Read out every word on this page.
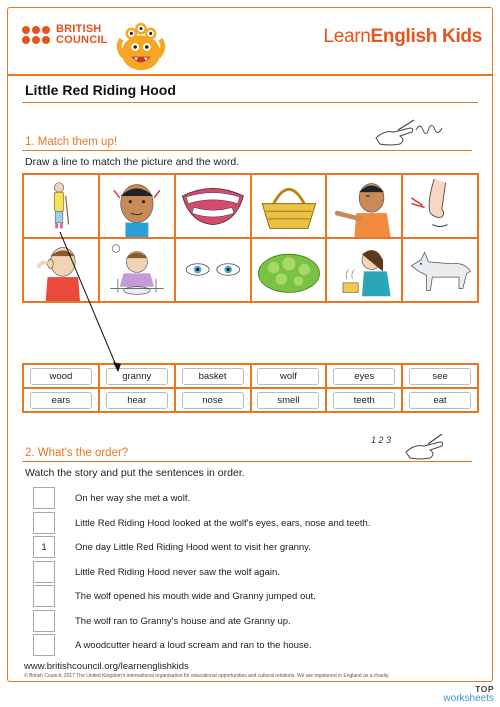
BRITISH
COUNCIL	LearnEnglish Kids
Little Red Riding Hood
1. Match them up!
Draw a line to match the picture and the word.
wood	granny	basket	wolf	eyes	see
ears	hear	nose	smell	teeth	eat
2. What's the order?
1 2 3
Watch the story and put the sentences in order.
On her way she met a wolf.
Little Red Riding Hood looked at the wolf's eyes, ears, nose and teeth.
1	One day Little Red Riding Hood went to visit her granny.
Little Red Riding Hood never saw the wolf again.
The wolf opened his mouth wide and Granny jumped out.
The wolf ran to Granny's house and ate Granny up.
A woodcutter heard a loud scream and ran to the house.
www.britishcouncil.org/learnenglishkids
© British Council, 2017 The United Kingdom's international organisation for educational opportunities and cultural relations. We are registered in England as a charity.
TOP
worksheets
